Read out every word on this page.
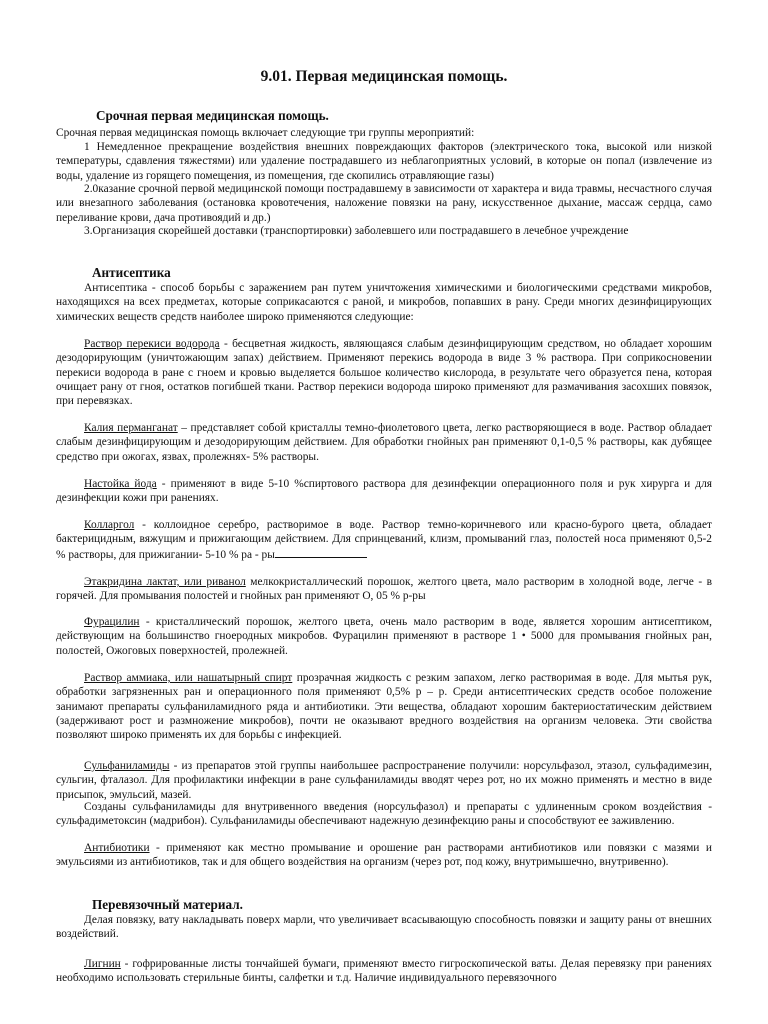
9.01. Первая медицинская помощь.
Срочная первая медицинская помощь.
Срочная первая медицинская помощь включает следующие три группы мероприятий:
1 Немедленное прекращение воздействия внешних повреждающих факторов (электрического тока, высокой или низкой температуры, сдавления тяжестями) или удаление пострадавшего из неблагоприятных условий, в которые он попал (извлечение из воды, удаление из горящего помещения, из помещения, где скопились отравляющие газы)
2.0казание срочной первой медицинской помощи пострадавшему в зависимости от характера и вида травмы, несчастного случая или внезапного заболевания (остановка кровотечения, наложение повязки на рану, искусственное дыхание, массаж сердца, само переливание крови, дача противоядий и др.)
3.Организация скорейшей доставки (транспортировки) заболевшего или пострадавшего в лечебное учреждение
Антисептика
Антисептика - способ борьбы с заражением ран путем уничтожения химическими и биологическими средствами микробов, находящихся на всех предметах, которые соприкасаются с раной, и микробов, попавших в рану. Среди многих дезинфицирующих химических веществ средств наиболее широко применяются следующие:
Раствор перекиси водорода - бесцветная жидкость, являющаяся слабым дезинфицирующим средством, но обладает хорошим дезодорирующим (уничтожающим запах) действием. Применяют перекись водорода в виде 3 % раствора. При соприкосновении перекиси водорода в ране с гноем и кровью выделяется большое количество кислорода, в результате чего образуется пена, которая очищает рану от гноя, остатков погибшей ткани. Раствор перекиси водорода широко применяют для размачивания засохших повязок, при перевязках.
Калия перманганат – представляет собой кристаллы темно-фиолетового цвета, легко растворяющиеся в воде. Раствор обладает слабым дезинфицирующим и дезодорирующим действием. Для обработки гнойных ран применяют 0,1-0,5 % растворы, как дубящее средство при ожогах, язвах, пролежнях- 5% растворы.
Настойка йода - применяют в виде 5-10 %спиртового раствора для дезинфекции операционного поля и рук хирурга и для дезинфекции кожи при ранениях.
Колларгол - коллоидное серебро, растворимое в воде. Раствор темно-коричневого или красно-бурого цвета, обладает бактерицидным, вяжущим и прижигающим действием. Для спринцеваний, клизм, промываний глаз, полостей носа применяют 0,5-2 % растворы, для прижигании- 5-10 % ра - ры
Этакридина лактат, или риванол мелкокристаллический порошок, желтого цвета, мало растворим в холодной воде, легче - в горячей. Для промывания полостей и гнойных ран применяют О, 05 % р-ры
Фурацилин - кристаллический порошок, желтого цвета, очень мало растворим в воде, является хорошим антисептиком, действующим на большинство гноеродных микробов. Фурацилин применяют в растворе 1 • 5000 для промывания гнойных ран, полостей, Ожоговых поверхностей, пролежней.
Раствор аммиака, или нашатырный спирт прозрачная жидкость с резким запахом, легко растворимая в воде. Для мытья рук, обработки загрязненных ран и операционного поля применяют 0,5% р – р. Среди антисептических средств особое положение занимают препараты сульфаниламидного ряда и антибиотики. Эти вещества, обладают хорошим бактериостатическим действием (задерживают рост и размножение микробов), почти не оказывают вредного воздействия на организм человека. Эти свойства позволяют широко применять их для борьбы с инфекцией.
Сульфаниламиды - из препаратов этой группы наибольшее распространение получили: норсульфазол, этазол, сульфадимезин, сульгин, фталазол. Для профилактики инфекции в ране сульфаниламиды вводят через рот, но их можно применять и местно в виде присыпок, эмульсий, мазей.
Созданы сульфаниламиды для внутривенного введения (норсульфазол) и препараты с удлиненным сроком воздействия - сульфадиметоксин (мадрибон). Сульфаниламиды обеспечивают надежную дезинфекцию раны и способствуют ее заживлению.
Антибиотики - применяют как местно промывание и орошение ран растворами антибиотиков или повязки с мазями и эмульсиями из антибиотиков, так и для общего воздействия на организм (через рот, под кожу, внутримышечно, внутривенно).
Перевязочный материал.
Делая повязку, вату накладывать поверх марли, что увеличивает всасывающую способность повязки и защиту раны от внешних воздействий.
Лигнин - гофрированные листы тончайшей бумаги, применяют вместо гигроскопической ваты. Делая перевязку при ранениях необходимо использовать стерильные бинты, салфетки и т.д. Наличие индивидуального перевязочного
